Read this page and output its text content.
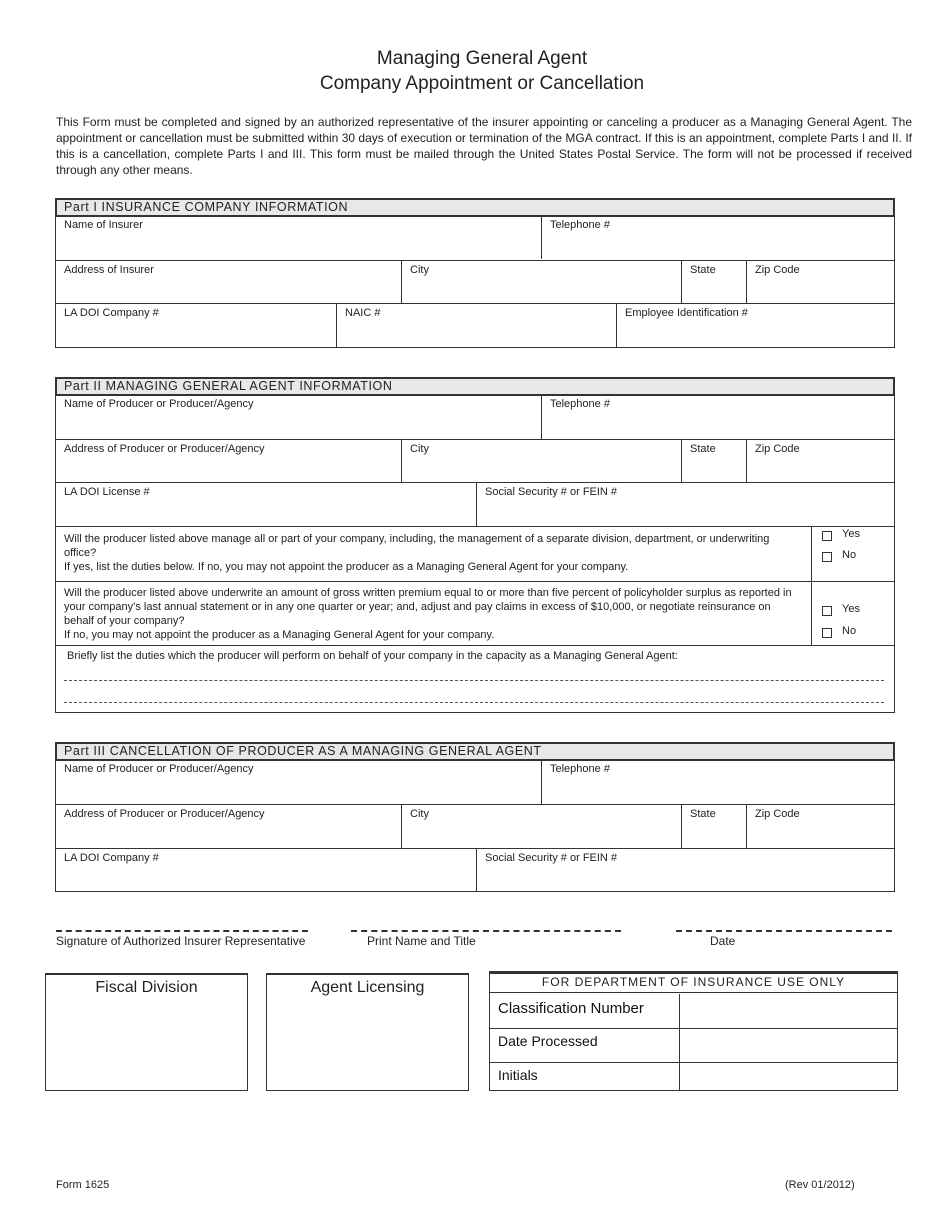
Managing General Agent
Company Appointment or Cancellation
This Form must be completed and signed by an authorized representative of the insurer appointing or canceling a producer as a Managing General Agent. The appointment or cancellation must be submitted within 30 days of execution or termination of the MGA contract. If this is an appointment, complete Parts I and II. If this is a cancellation, complete Parts I and III. This form must be mailed through the United States Postal Service. The form will not be processed if received through any other means.
Part I INSURANCE COMPANY INFORMATION
Name of Insurer	Telephone #
Address of Insurer	City	State	Zip Code
LA DOI Company #	NAIC #	Employee Identification #
Part II MANAGING GENERAL AGENT INFORMATION
Name of Producer or Producer/Agency	Telephone #
Address of Producer or Producer/Agency	City	State	Zip Code
LA DOI License #	Social Security # or FEIN #
Will the producer listed above manage all or part of your company, including, the management of a separate division, department, or underwriting office?
If yes, list the duties below. If no, you may not appoint the producer as a Managing General Agent for your company.
Yes
No
Will the producer listed above underwrite an amount of gross written premium equal to or more than five percent of policyholder surplus as reported in your company’s last annual statement or in any one quarter or year; and, adjust and pay claims in excess of $10,000, or negotiate reinsurance on behalf of your company?
If no, you may not appoint the producer as a Managing General Agent for your company.
Yes
No
Briefly list the duties which the producer will perform on behalf of your company in the capacity as a Managing General Agent:
Part III CANCELLATION OF PRODUCER AS A MANAGING GENERAL AGENT
Name of Producer or Producer/Agency	Telephone #
Address of Producer or Producer/Agency	City	State	Zip Code
LA DOI Company #	Social Security # or FEIN #
Signature of Authorized Insurer Representative	Print Name and Title	Date
Fiscal Division	Agent Licensing	FOR DEPARTMENT OF INSURANCE USE ONLY
Classification Number
Date Processed
Initials
Form 1625	(Rev 01/2012)
